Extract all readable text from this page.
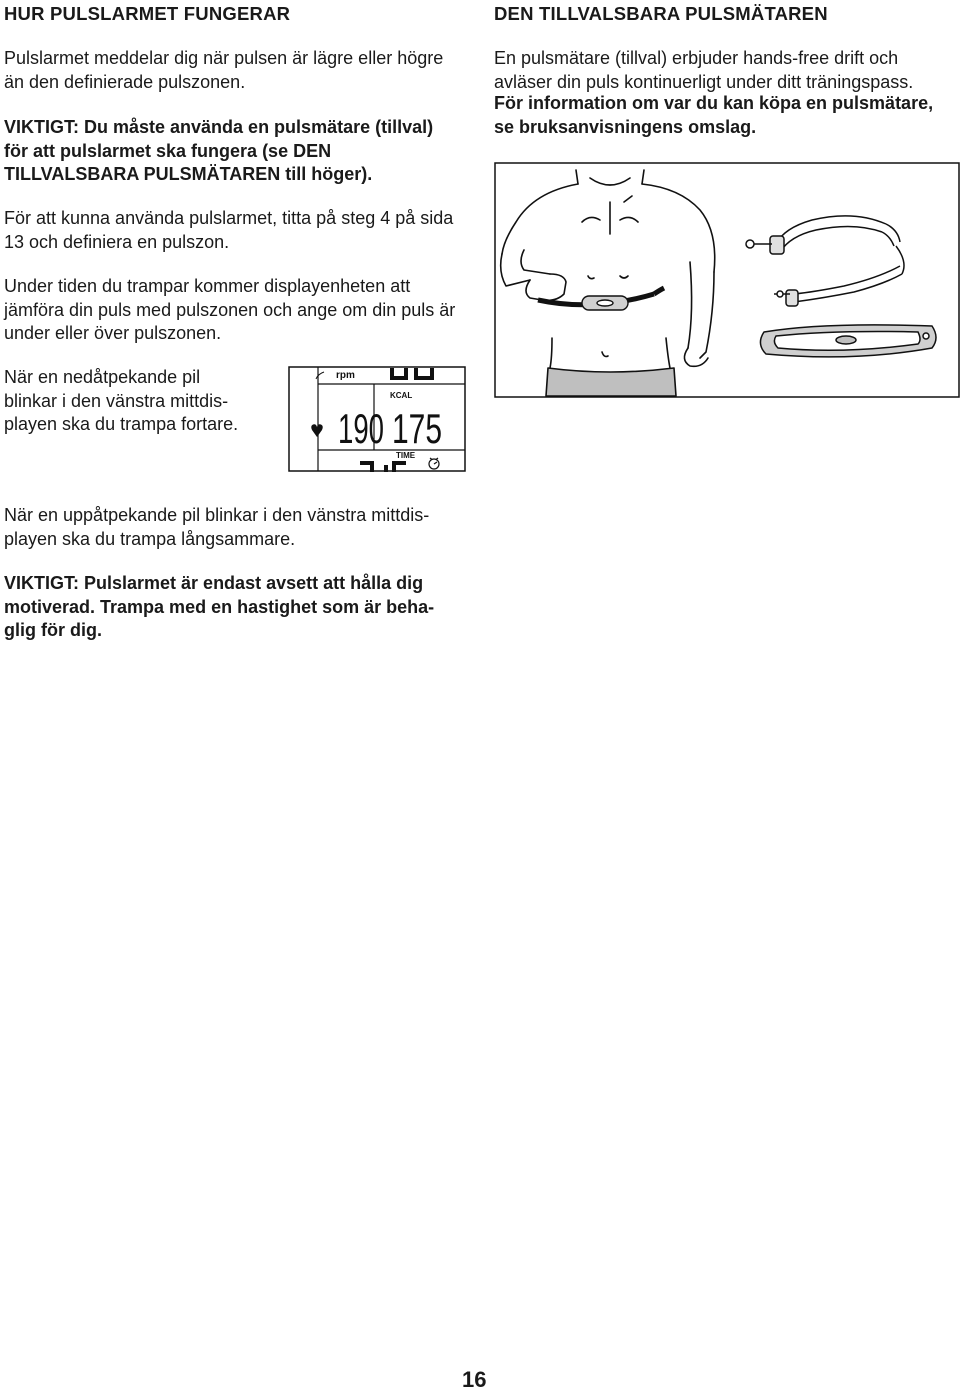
HUR PULSLARMET FUNGERAR

Pulslarmet meddelar dig när pulsen är lägre eller högre än den definierade pulszonen.

VIKTIGT: Du måste använda en pulsmätare (tillval) för att pulslarmet ska fungera (se DEN TILLVALSBARA PULSMÄTAREN till höger).

För att kunna använda pulslarmet, titta på steg 4 på sida 13 och definiera en pulszon.

Under tiden du trampar kommer displayenheten att jämföra din puls med pulszonen och ange om din puls är under eller över pulszonen.

När en nedåtpekande pil blinkar i den vänstra mittdis-playen ska du trampa fortare.

rpm
KCAL
190 175
TIME

När en uppåtpekande pil blinkar i den vänstra mittdis-playen ska du trampa långsammare.

VIKTIGT: Pulslarmet är endast avsett att hålla dig motiverad. Trampa med en hastighet som är beha-glig för dig.

DEN TILLVALSBARA PULSMÄTAREN

En pulsmätare (tillval) erbjuder hands-free drift och avläser din puls kontinuerligt under ditt träningspass.

För information om var du kan köpa en pulsmätare, se bruksanvisningens omslag.

16
